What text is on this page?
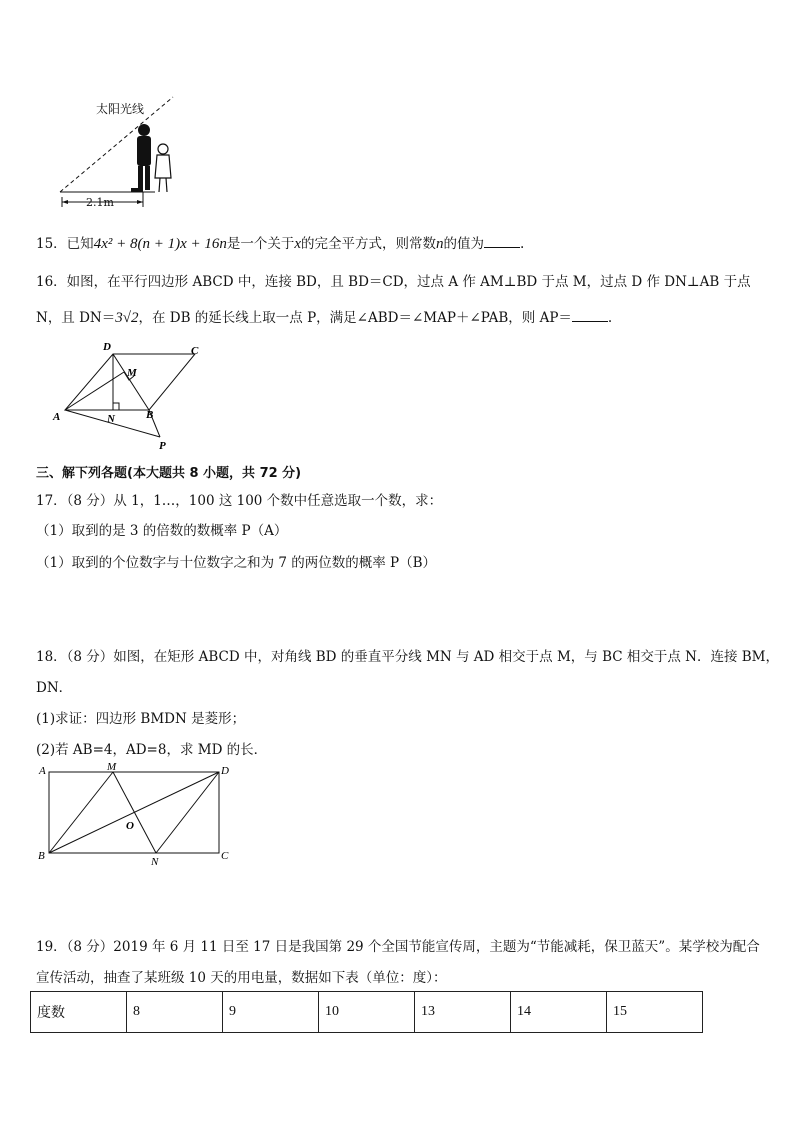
太阳光线
2.1m
15．已知4x² + 8(n + 1)x + 16n是一个关于x的完全平方式，则常数n的值为	.
16．如图，在平行四边形 ABCD 中，连接 BD，且 BD＝CD，过点 A 作 AM⊥BD 于点 M，过点 D 作 DN⊥AB 于点
N，且 DN＝3√2，在 DB 的延长线上取一点 P，满足∠ABD＝∠MAP＋∠PAB，则 AP＝	.
D	C
M
A	N	B
P
三、解下列各题(本大题共 8 小题，共 72 分)
17．（8 分）从 1，1…，100 这 100 个数中任意选取一个数，求：
（1）取到的是 3 的倍数的数概率 P（A）
（1）取到的个位数字与十位数字之和为 7 的两位数的概率 P（B）
18．（8 分）如图，在矩形 ABCD 中，对角线 BD 的垂直平分线 MN 与 AD 相交于点 M，与 BC 相交于点 N．连接 BM，
DN．
(1)求证：四边形 BMDN 是菱形；
(2)若 AB=4，AD=8，求 MD 的长．
A	M	D
O
B	N	C
19．（8 分）2019 年 6 月 11 日至 17 日是我国第 29 个全国节能宣传周，主题为“节能减耗，保卫蓝天”。某学校为配合
宣传活动，抽查了某班级 10 天的用电量，数据如下表（单位：度）：
度数	8	9	10	13	14	15
